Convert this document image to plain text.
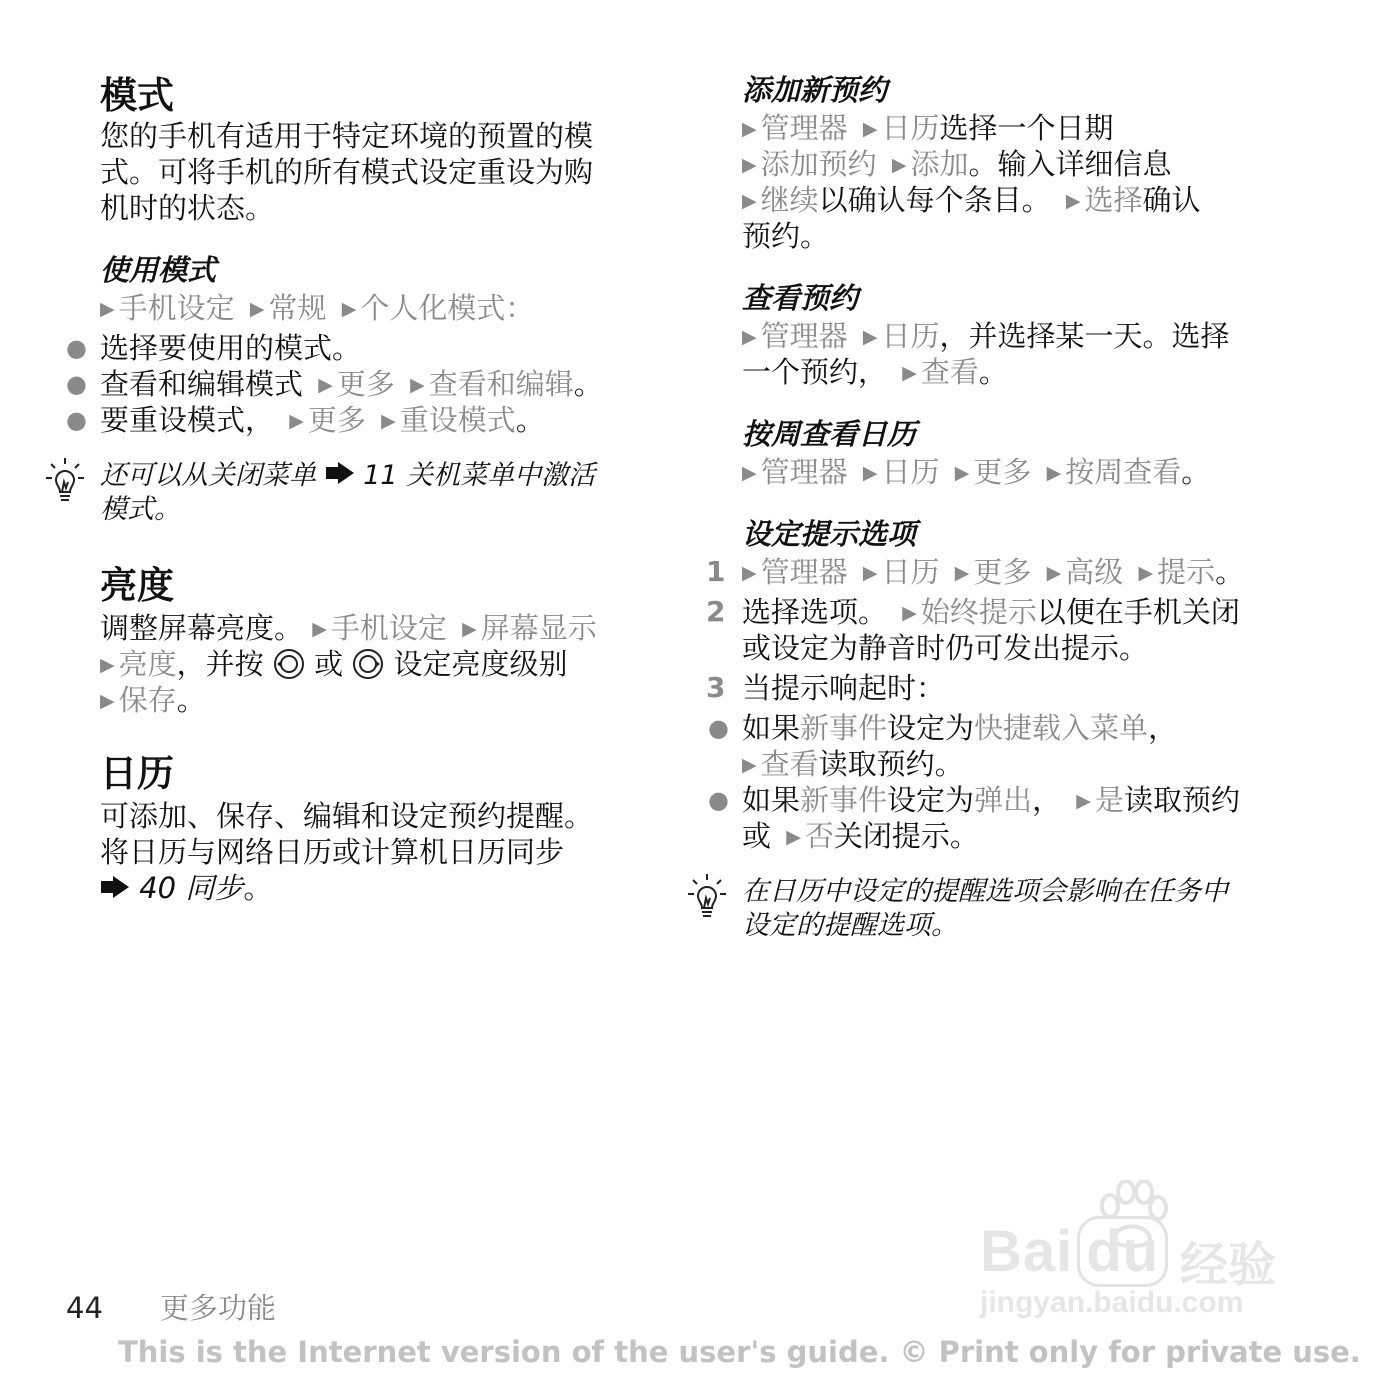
模式
您的手机有适用于特定环境的预置的模
式。可将手机的所有模式设定重设为购
机时的状态。
使用模式
▶ 手机设定 ▶ 常规 ▶ 个人化模式：
● 选择要使用的模式。
● 查看和编辑模式 ▶ 更多 ▶ 查看和编辑。
● 要重设模式， ▶ 更多 ▶ 重设模式。
还可以从关闭菜单 11 关机菜单中激活
模式。
亮度
调整屏幕亮度。 ▶ 手机设定 ▶ 屏幕显示
▶ 亮度，并按 或 设定亮度级别
▶ 保存。
日历
可添加、保存、编辑和设定预约提醒。
将日历与网络日历或计算机日历同步
40 同步。
添加新预约
▶ 管理器 ▶ 日历选择一个日期
▶ 添加预约 ▶ 添加。输入详细信息
▶ 继续以确认每个条目。 ▶ 选择确认
预约。
查看预约
▶ 管理器 ▶ 日历，并选择某一天。选择
一个预约， ▶ 查看。
按周查看日历
▶ 管理器 ▶ 日历 ▶ 更多 ▶ 按周查看。
设定提示选项
1 ▶ 管理器 ▶ 日历 ▶ 更多 ▶ 高级 ▶ 提示。
2 选择选项。 ▶ 始终提示以便在手机关闭
或设定为静音时仍可发出提示。
3 当提示响起时：
● 如果新事件设定为快捷载入菜单，
▶ 查看读取预约。
● 如果新事件设定为弹出， ▶ 是读取预约
或 ▶ 否关闭提示。
在日历中设定的提醒选项会影响在任务中
设定的提醒选项。
Bai du 经验
jingyan.baidu.com
44 更多功能
This is the Internet version of the user's guide. © Print only for private use.
